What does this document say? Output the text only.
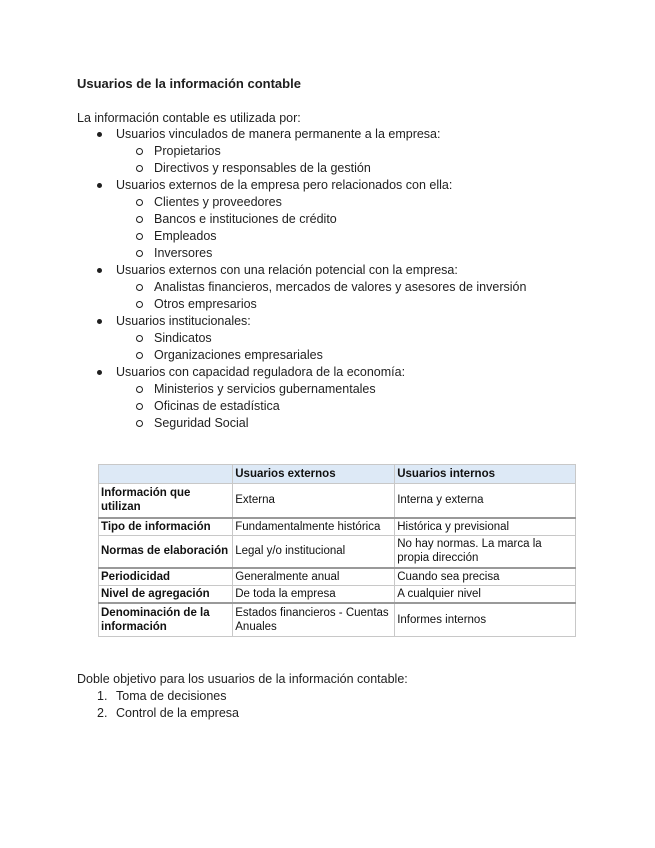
Usuarios de la información contable
La información contable es utilizada por:
Usuarios vinculados de manera permanente a la empresa:
Propietarios
Directivos y responsables de la gestión
Usuarios externos de la empresa pero relacionados con ella:
Clientes y proveedores
Bancos e instituciones de crédito
Empleados
Inversores
Usuarios externos con una relación potencial con la empresa:
Analistas financieros, mercados de valores y asesores de inversión
Otros empresarios
Usuarios institucionales:
Sindicatos
Organizaciones empresariales
Usuarios con capacidad reguladora de la economía:
Ministerios y servicios gubernamentales
Oficinas de estadística
Seguridad Social
	Usuarios externos	Usuarios internos
Información que utilizan	Externa	Interna y externa
Tipo de información	Fundamentalmente histórica	Histórica y previsional
Normas de elaboración	Legal y/o institucional	No hay normas. La marca la propia dirección
Periodicidad	Generalmente anual	Cuando sea precisa
Nivel de agregación	De toda la empresa	A cualquier nivel
Denominación de la información	Estados financieros - Cuentas Anuales	Informes internos
Doble objetivo para los usuarios de la información contable:
1. Toma de decisiones
2. Control de la empresa
